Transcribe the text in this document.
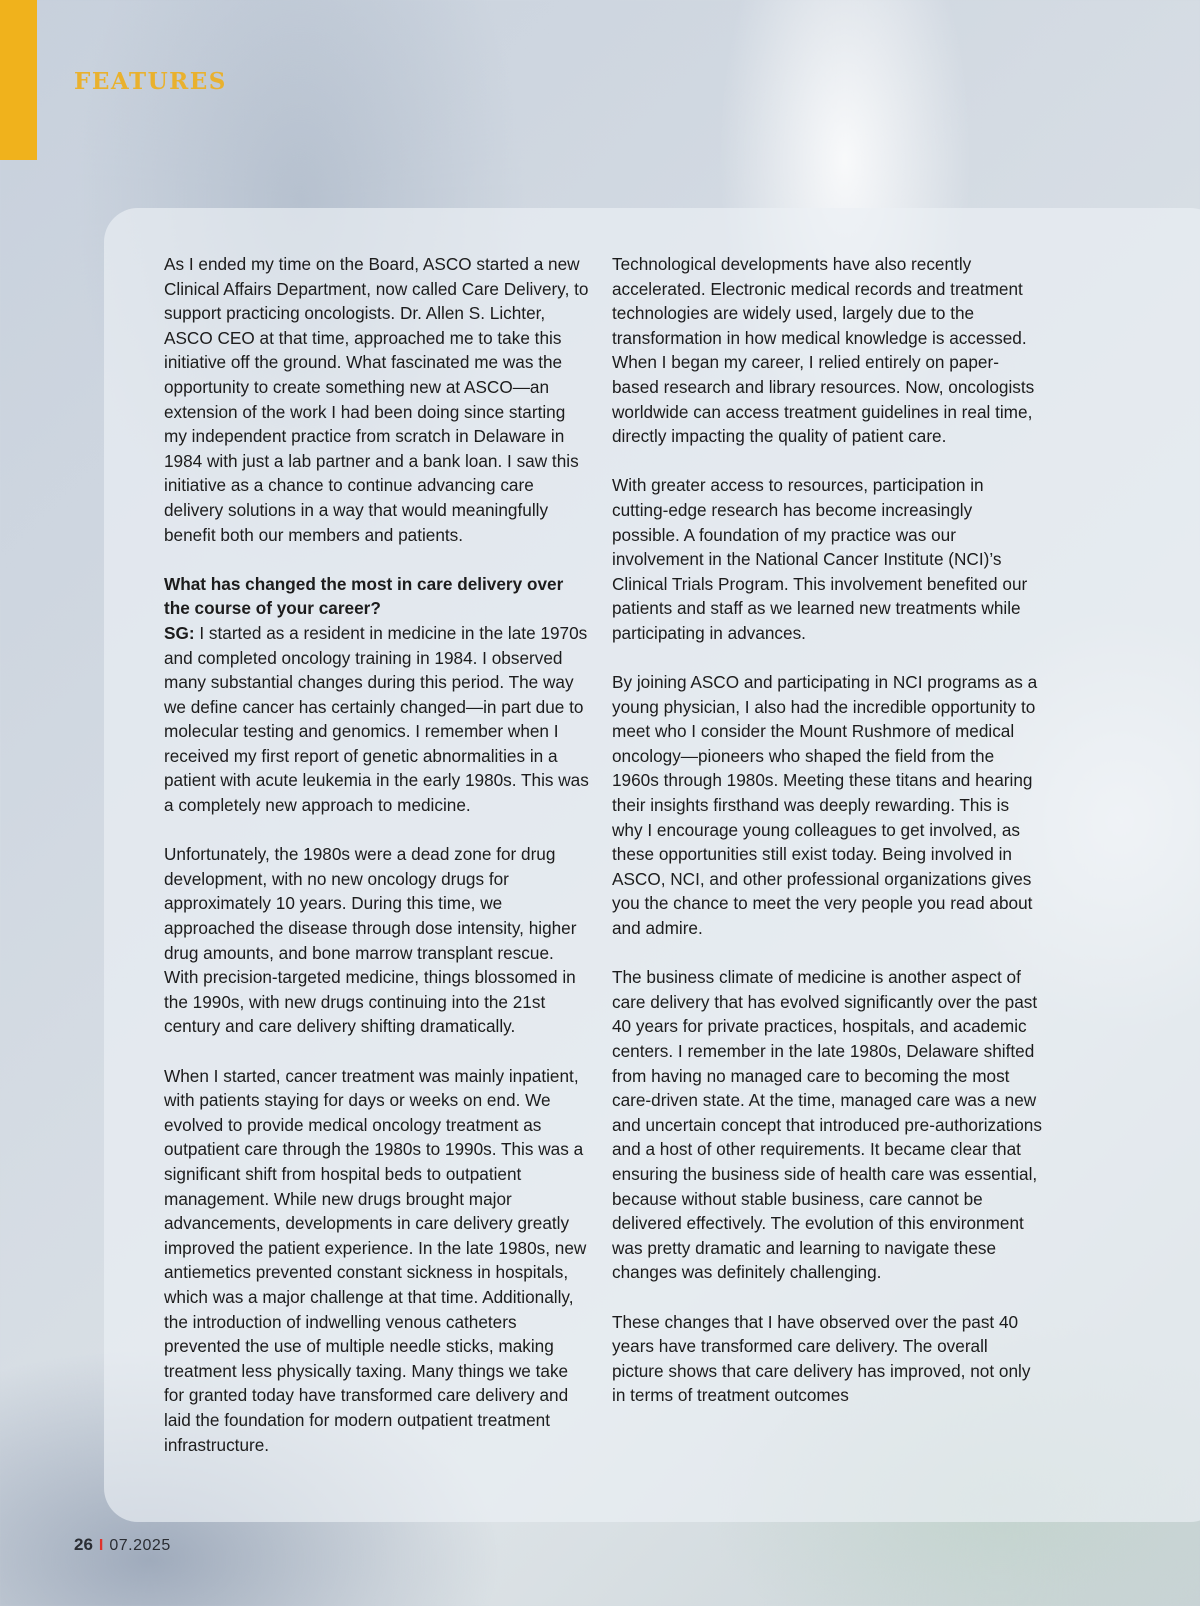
FEATURES

As I ended my time on the Board, ASCO started a new Clinical Affairs Department, now called Care Delivery, to support practicing oncologists. Dr. Allen S. Lichter, ASCO CEO at that time, approached me to take this initiative off the ground. What fascinated me was the opportunity to create something new at ASCO—an extension of the work I had been doing since starting my independent practice from scratch in Delaware in 1984 with just a lab partner and a bank loan. I saw this initiative as a chance to continue advancing care delivery solutions in a way that would meaningfully benefit both our members and patients.

What has changed the most in care delivery over the course of your career?

SG: I started as a resident in medicine in the late 1970s and completed oncology training in 1984. I observed many substantial changes during this period. The way we define cancer has certainly changed—in part due to molecular testing and genomics. I remember when I received my first report of genetic abnormalities in a patient with acute leukemia in the early 1980s. This was a completely new approach to medicine.

Unfortunately, the 1980s were a dead zone for drug development, with no new oncology drugs for approximately 10 years. During this time, we approached the disease through dose intensity, higher drug amounts, and bone marrow transplant rescue. With precision-targeted medicine, things blossomed in the 1990s, with new drugs continuing into the 21st century and care delivery shifting dramatically.

When I started, cancer treatment was mainly inpatient, with patients staying for days or weeks on end. We evolved to provide medical oncology treatment as outpatient care through the 1980s to 1990s. This was a significant shift from hospital beds to outpatient management. While new drugs brought major advancements, developments in care delivery greatly improved the patient experience. In the late 1980s, new antiemetics prevented constant sickness in hospitals, which was a major challenge at that time. Additionally, the introduction of indwelling venous catheters prevented the use of multiple needle sticks, making treatment less physically taxing. Many things we take for granted today have transformed care delivery and laid the foundation for modern outpatient treatment infrastructure.

Technological developments have also recently accelerated. Electronic medical records and treatment technologies are widely used, largely due to the transformation in how medical knowledge is accessed. When I began my career, I relied entirely on paper-based research and library resources. Now, oncologists worldwide can access treatment guidelines in real time, directly impacting the quality of patient care.

With greater access to resources, participation in cutting-edge research has become increasingly possible. A foundation of my practice was our involvement in the National Cancer Institute (NCI)’s Clinical Trials Program. This involvement benefited our patients and staff as we learned new treatments while participating in advances.

By joining ASCO and participating in NCI programs as a young physician, I also had the incredible opportunity to meet who I consider the Mount Rushmore of medical oncology—pioneers who shaped the field from the 1960s through 1980s. Meeting these titans and hearing their insights firsthand was deeply rewarding. This is why I encourage young colleagues to get involved, as these opportunities still exist today. Being involved in ASCO, NCI, and other professional organizations gives you the chance to meet the very people you read about and admire.

The business climate of medicine is another aspect of care delivery that has evolved significantly over the past 40 years for private practices, hospitals, and academic centers. I remember in the late 1980s, Delaware shifted from having no managed care to becoming the most care-driven state. At the time, managed care was a new and uncertain concept that introduced pre-authorizations and a host of other requirements. It became clear that ensuring the business side of health care was essential, because without stable business, care cannot be delivered effectively. The evolution of this environment was pretty dramatic and learning to navigate these changes was definitely challenging.

These changes that I have observed over the past 40 years have transformed care delivery. The overall picture shows that care delivery has improved, not only in terms of treatment outcomes

26 I 07.2025
